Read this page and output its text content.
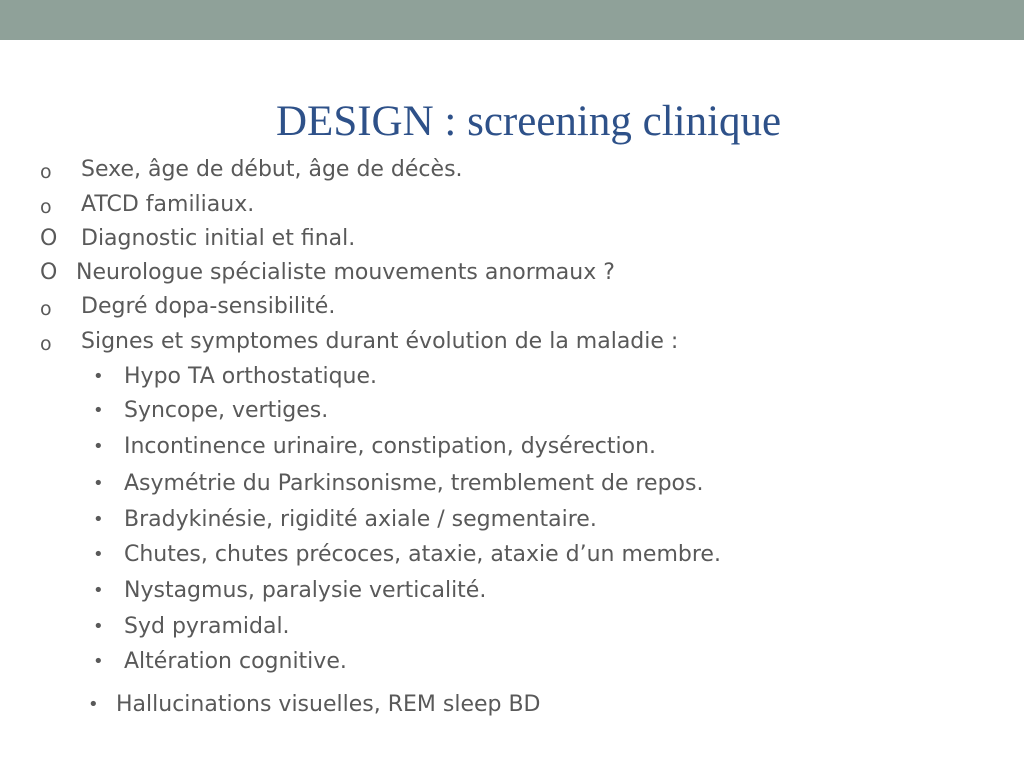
DESIGN : screening clinique
o Sexe, âge de début, âge de décès.
o ATCD familiaux.
O Diagnostic initial et final.
O Neurologue spécialiste mouvements anormaux ?
o Degré dopa-sensibilité.
o Signes et symptomes durant évolution de la maladie :
• Hypo TA orthostatique.
• Syncope, vertiges.
• Incontinence urinaire, constipation, dysérection.
• Asymétrie du Parkinsonisme, tremblement de repos.
• Bradykinésie, rigidité axiale / segmentaire.
• Chutes, chutes précoces, ataxie, ataxie d’un membre.
• Nystagmus, paralysie verticalité.
• Syd pyramidal.
• Altération cognitive.
• Hallucinations visuelles, REM sleep BD
